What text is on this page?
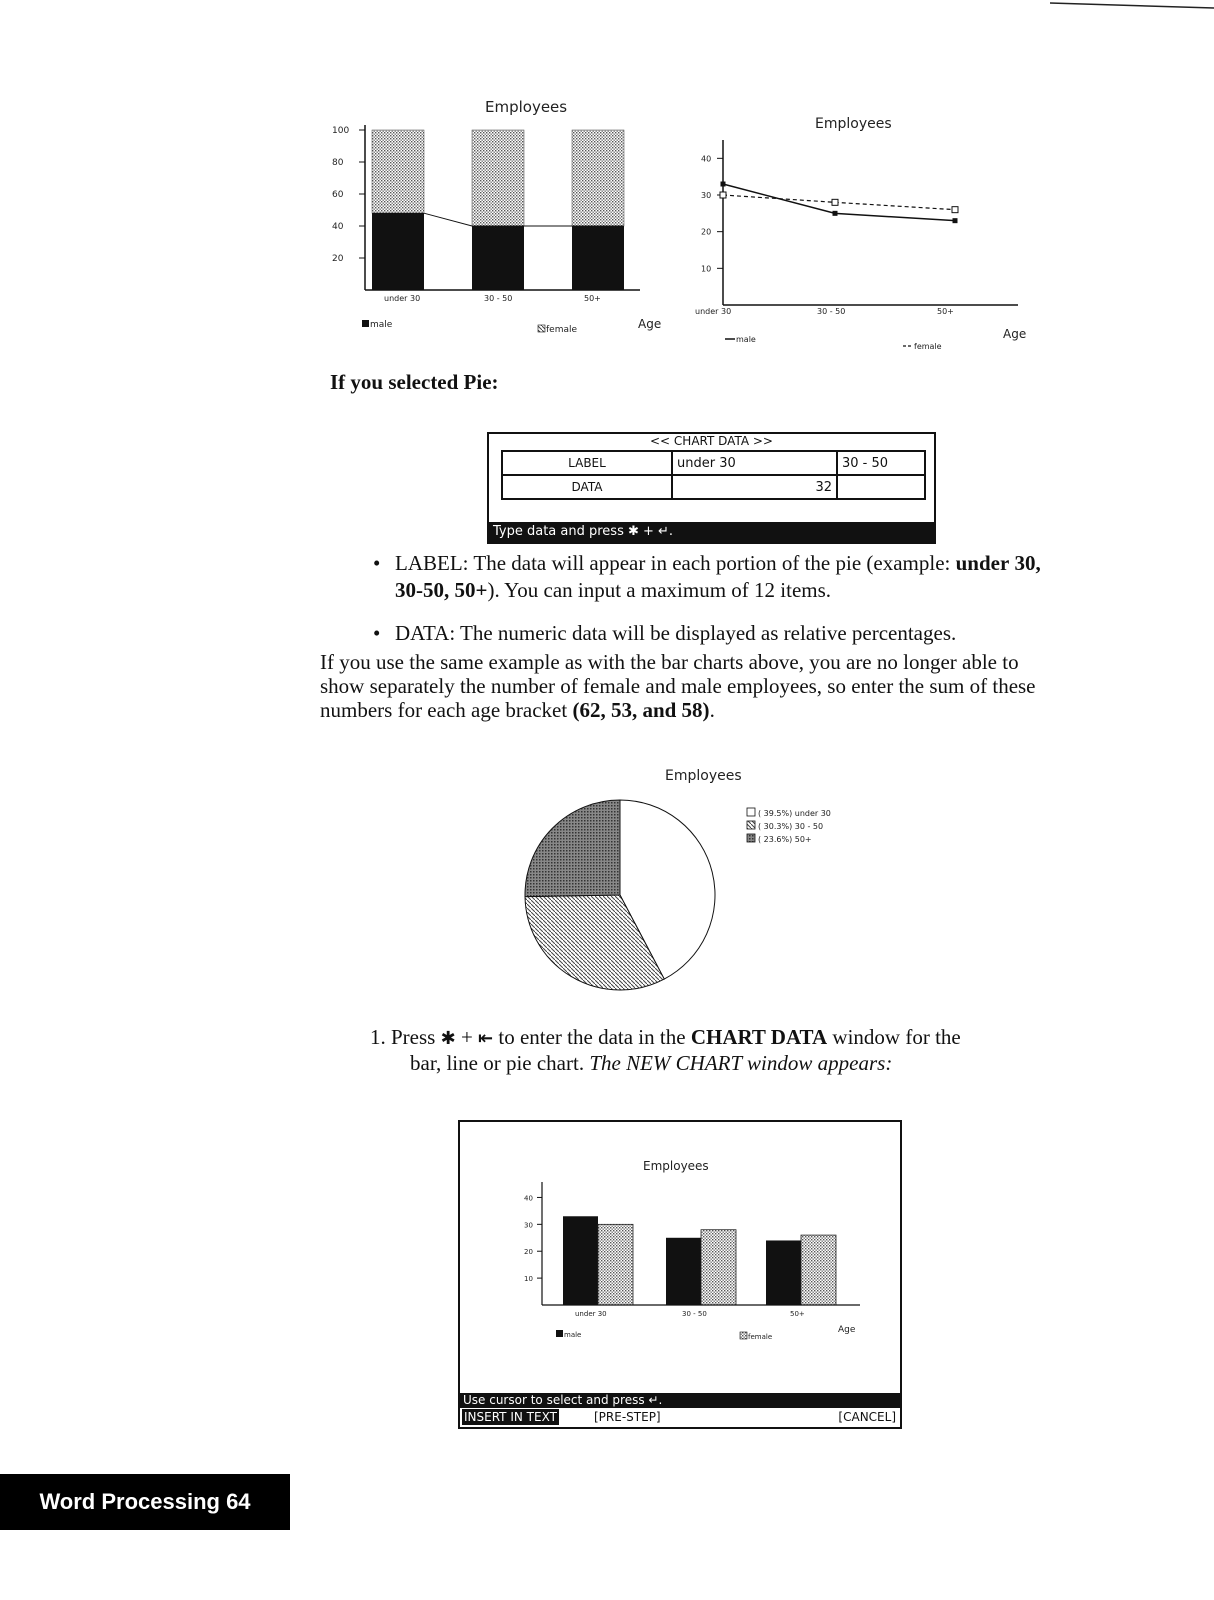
Employees
100
80
60
40
20
under 30	30 - 50	50+
Age
male	female
Employees
40
30
20
10
under 30	30 - 50	50+
Age
male
female
If you selected Pie:
<< CHART DATA >>
LABEL	under 30	30 - 50
DATA	32	
Type data and press ✱ + ↵.
• LABEL: The data will appear in each portion of the pie (example: under 30, 30-50, 50+). You can input a maximum of 12 items.
• DATA: The numeric data will be displayed as relative percentages.
If you use the same example as with the bar charts above, you are no longer able to show separately the number of female and male employees, so enter the sum of these numbers for each age bracket (62, 53, and 58).
Employees
( 39.5%) under 30
( 30.3%) 30 - 50
( 23.6%) 50+
1. Press ✱ + ⇤ to enter the data in the CHART DATA window for the
bar, line or pie chart. The NEW CHART window appears:
Employees
40
30
20
10
under 30	30 - 50	50+
Age
male	female
Use cursor to select and press ↵.
INSERT IN TEXT	[PRE-STEP]	[CANCEL]
Word Processing 64
